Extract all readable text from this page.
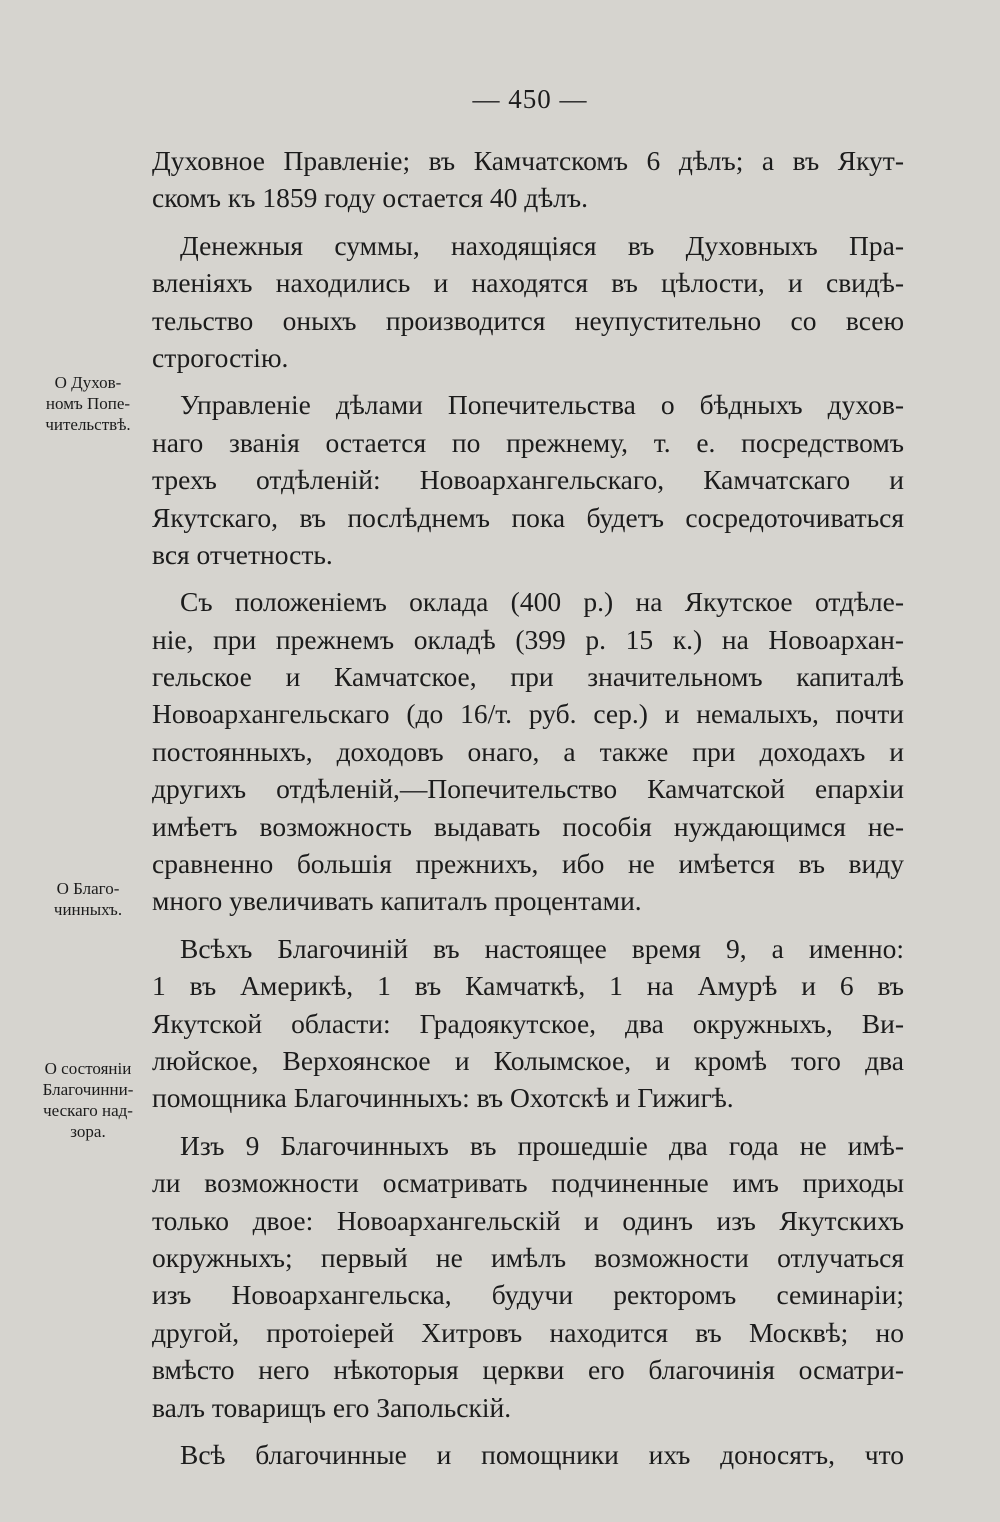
— 450 —
Духовное Правленіе; въ Камчатскомъ 6 дѣлъ; а въ Якут-
скомъ къ 1859 году остается 40 дѣлъ.
Денежныя суммы, находящіяся въ Духовныхъ Пра-
вленіяхъ находились и находятся въ цѣлости, и свидѣ-
тельство оныхъ производится неупустительно со всею
строгостію.
Управленіе дѣлами Попечительства о бѣдныхъ духов-
наго званія остается по прежнему, т. е. посредствомъ
трехъ отдѣленій: Новоархангельскаго, Камчатскаго и
Якутскаго, въ послѣднемъ пока будетъ сосредоточиваться
вся отчетность.
Съ положеніемъ оклада (400 р.) на Якутское отдѣле-
ніе, при прежнемъ окладѣ (399 р. 15 к.) на Новоархан-
гельское и Камчатское, при значительномъ капиталѣ
Новоархангельскаго (до 16/т. руб. сер.) и немалыхъ, почти
постоянныхъ, доходовъ онаго, а также при доходахъ и
другихъ отдѣленій,—Попечительство Камчатской епархіи
имѣетъ возможность выдавать пособія нуждающимся не-
сравненно большія прежнихъ, ибо не имѣется въ виду
много увеличивать капиталъ процентами.
Всѣхъ Благочиній въ настоящее время 9, а именно:
1 въ Америкѣ, 1 въ Камчаткѣ, 1 на Амурѣ и 6 въ
Якутской области: Градоякутское, два окружныхъ, Ви-
люйское, Верхоянское и Колымское, и кромѣ того два
помощника Благочинныхъ: въ Охотскѣ и Гижигѣ.
Изъ 9 Благочинныхъ въ прошедшіе два года не имѣ-
ли возможности осматривать подчиненные имъ приходы
только двое: Новоархангельскій и одинъ изъ Якутскихъ
окружныхъ; первый не имѣлъ возможности отлучаться
изъ Новоархангельска, будучи ректоромъ семинаріи;
другой, протоіерей Хитровъ находится въ Москвѣ; но
вмѣсто него нѣкоторыя церкви его благочинія осматри-
валъ товарищъ его Запольскій.
Всѣ благочинные и помощники ихъ доносятъ, что
О Духов-
номъ Попе-
чительствѣ.
О Благо-
чинныхъ.
О состояніи
Благочинни-
ческаго над-
зора.
